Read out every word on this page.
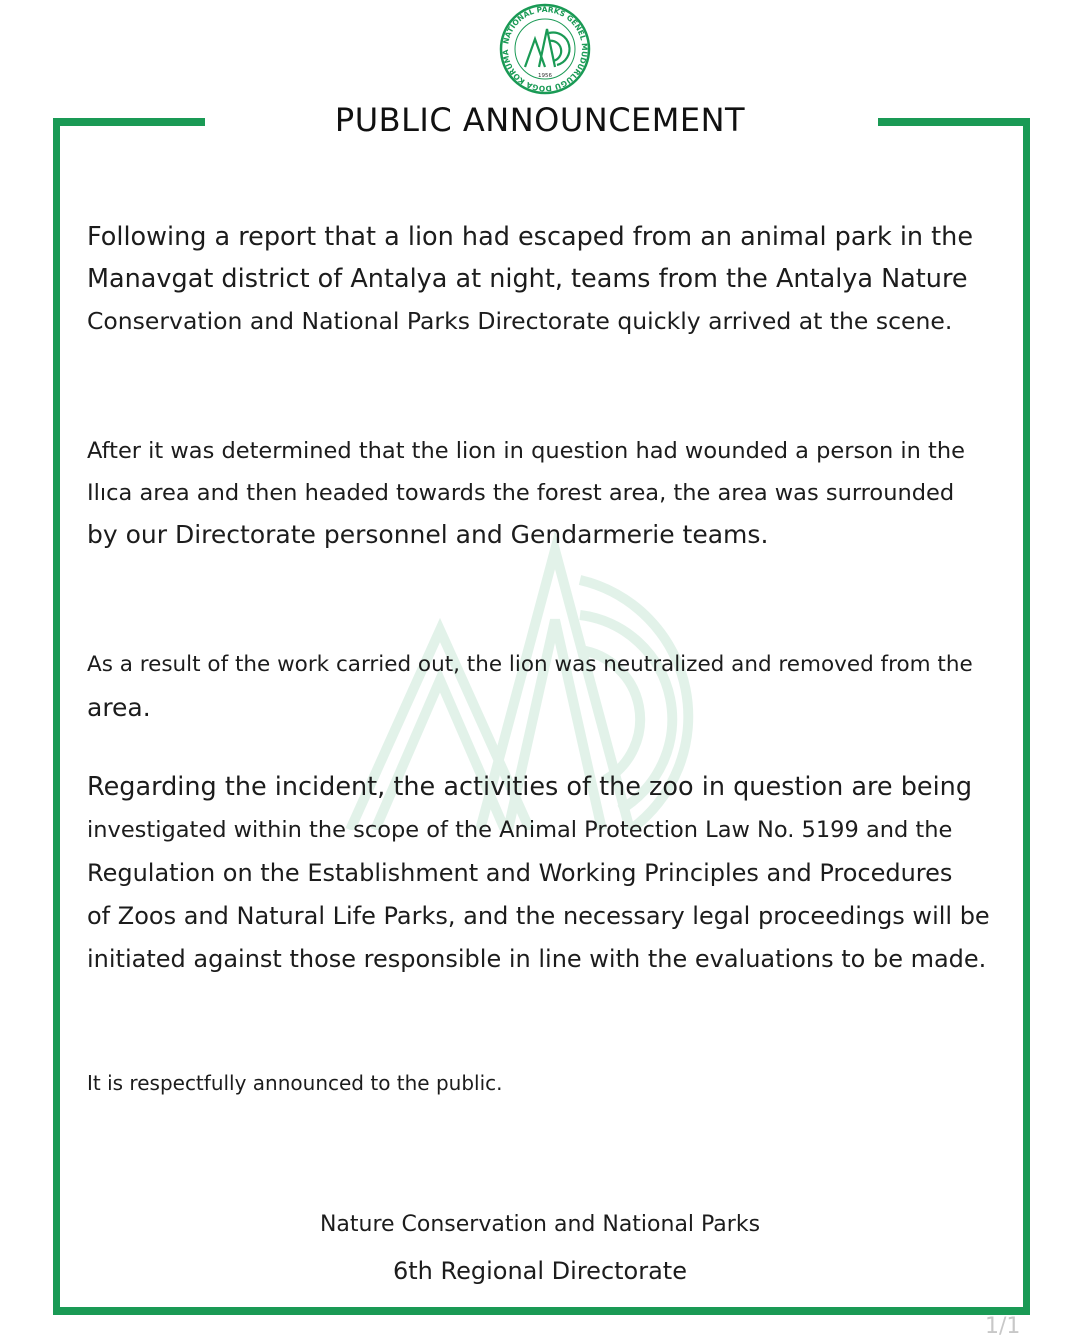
NATIONAL PARKS GENEL MÜDÜRLÜĞÜ DOĞA KORUMA
1956
PUBLIC ANNOUNCEMENT
Following a report that a lion had escaped from an animal park in the
Manavgat district of Antalya at night, teams from the Antalya Nature
Conservation and National Parks Directorate quickly arrived at the scene.
After it was determined that the lion in question had wounded a person in the
Ilıca area and then headed towards the forest area, the area was surrounded
by our Directorate personnel and Gendarmerie teams.
As a result of the work carried out, the lion was neutralized and removed from the
area.
Regarding the incident, the activities of the zoo in question are being
investigated within the scope of the Animal Protection Law No. 5199 and the
Regulation on the Establishment and Working Principles and Procedures
of Zoos and Natural Life Parks, and the necessary legal proceedings will be
initiated against those responsible in line with the evaluations to be made.
It is respectfully announced to the public.
Nature Conservation and National Parks
6th Regional Directorate
1/1
